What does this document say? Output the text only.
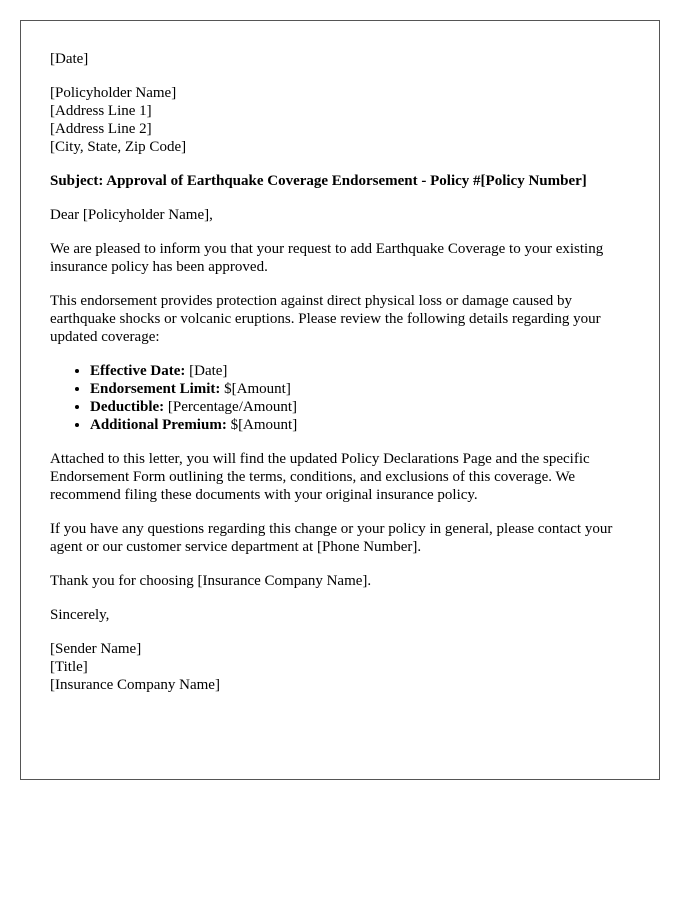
[Date]

[Policyholder Name]
[Address Line 1]
[Address Line 2]
[City, State, Zip Code]

Subject: Approval of Earthquake Coverage Endorsement - Policy #[Policy Number]

Dear [Policyholder Name],

We are pleased to inform you that your request to add Earthquake Coverage to your existing insurance policy has been approved.

This endorsement provides protection against direct physical loss or damage caused by earthquake shocks or volcanic eruptions. Please review the following details regarding your updated coverage:

• Effective Date: [Date]
• Endorsement Limit: $[Amount]
• Deductible: [Percentage/Amount]
• Additional Premium: $[Amount]

Attached to this letter, you will find the updated Policy Declarations Page and the specific Endorsement Form outlining the terms, conditions, and exclusions of this coverage. We recommend filing these documents with your original insurance policy.

If you have any questions regarding this change or your policy in general, please contact your agent or our customer service department at [Phone Number].

Thank you for choosing [Insurance Company Name].

Sincerely,

[Sender Name]
[Title]
[Insurance Company Name]
